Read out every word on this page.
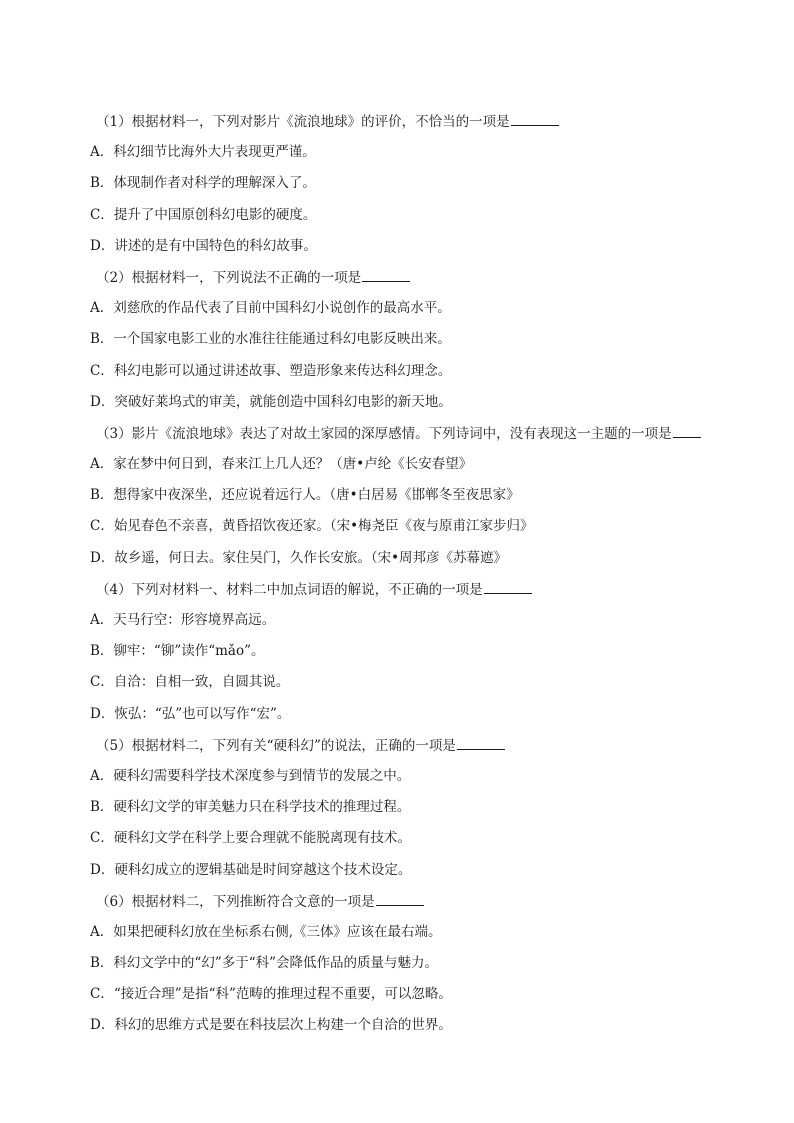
（1）根据材料一，下列对影片《流浪地球》的评价，不恰当的一项是
A．科幻细节比海外大片表现更严谨。
B．体现制作者对科学的理解深入了。
C．提升了中国原创科幻电影的硬度。
D．讲述的是有中国特色的科幻故事。
（2）根据材料一，下列说法不正确的一项是
A．刘慈欣的作品代表了目前中国科幻小说创作的最高水平。
B．一个国家电影工业的水准往往能通过科幻电影反映出来。
C．科幻电影可以通过讲述故事、塑造形象来传达科幻理念。
D．突破好莱坞式的审美，就能创造中国科幻电影的新天地。
（3）影片《流浪地球》表达了对故土家园的深厚感情。下列诗词中，没有表现这一主题的一项是
A．家在梦中何日到，春来江上几人还？（唐•卢纶《长安春望》
B．想得家中夜深坐，还应说着远行人。（唐•白居易《邯郸冬至夜思家》
C．始见春色不亲喜，黄昏招饮夜还家。（宋•梅尧臣《夜与原甫江家步归》
D．故乡遥，何日去。家住吴门，久作长安旅。（宋•周邦彦《苏幕遮》
（4）下列对材料一、材料二中加点词语的解说，不正确的一项是
A．天马行空：形容境界高远。
B．铆牢：“铆”读作“mǎo”。
C．自洽：自相一致，自圆其说。
D．恢弘：“弘”也可以写作“宏”。
（5）根据材料二，下列有关“硬科幻”的说法，正确的一项是
A．硬科幻需要科学技术深度参与到情节的发展之中。
B．硬科幻文学的审美魅力只在科学技术的推理过程。
C．硬科幻文学在科学上要合理就不能脱离现有技术。
D．硬科幻成立的逻辑基础是时间穿越这个技术设定。
（6）根据材料二，下列推断符合文意的一项是
A．如果把硬科幻放在坐标系右侧,《三体》应该在最右端。
B．科幻文学中的“幻”多于“科”会降低作品的质量与魅力。
C．“接近合理”是指“科”范畴的推理过程不重要，可以忽略。
D．科幻的思维方式是要在科技层次上构建一个自洽的世界。
